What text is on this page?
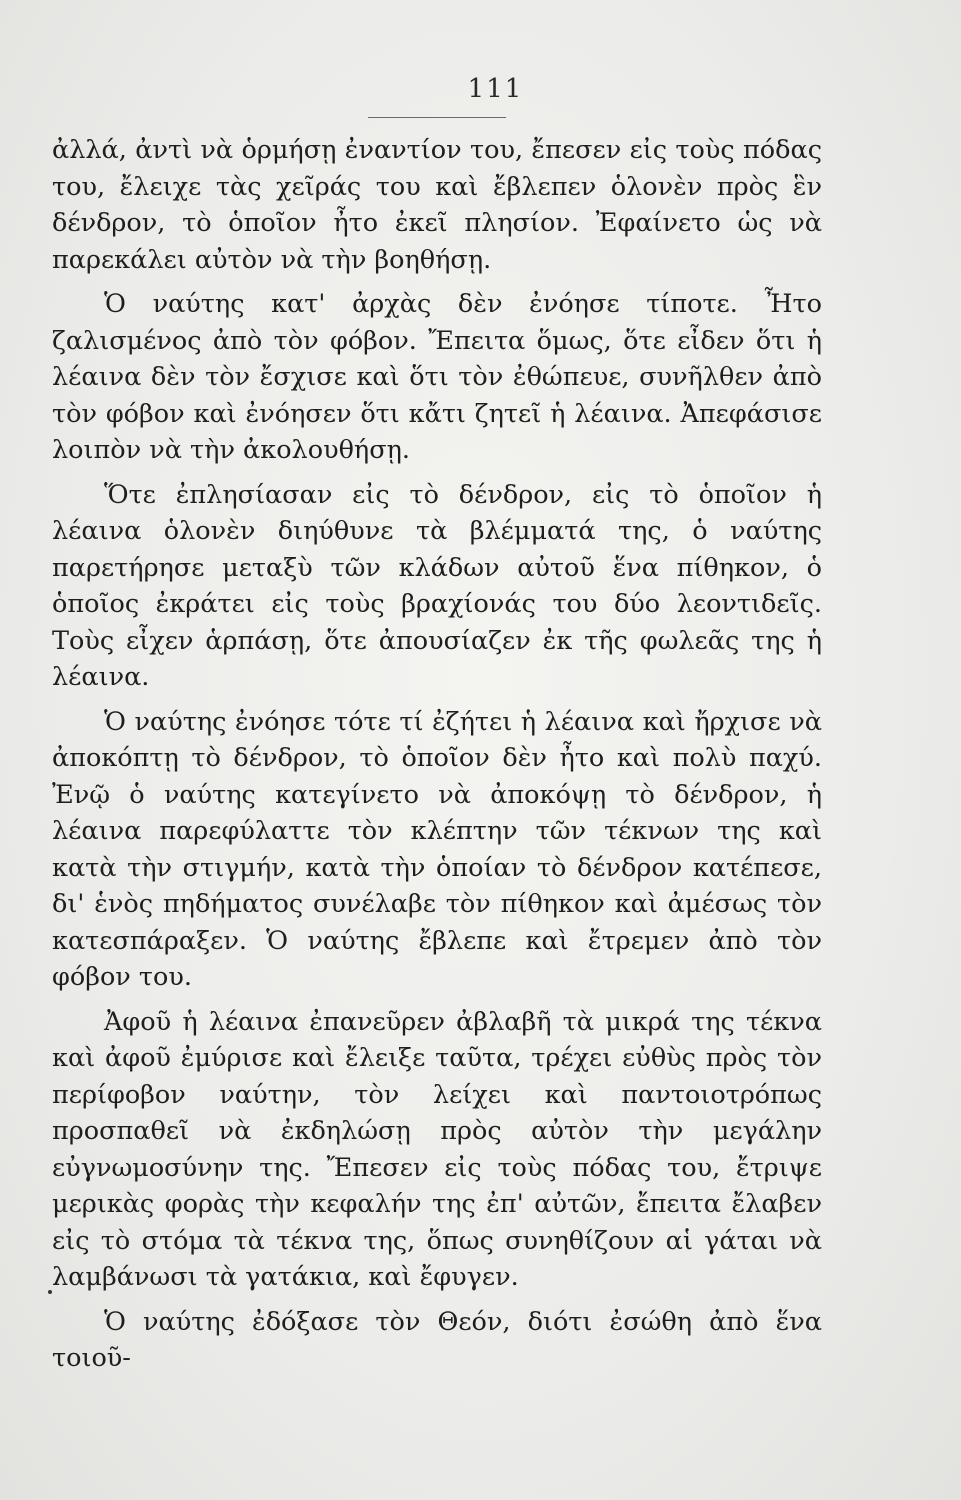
111

ἀλλά, ἀντὶ νὰ ὁρμήσῃ ἐναντίον του, ἔπεσεν εἰς τοὺς πόδας του, ἔλειχε τὰς χεῖράς του καὶ ἔβλεπεν ὁλονὲν πρὸς ἓν δένδρον, τὸ ὁποῖον ἦτο ἐκεῖ πλησίον. Ἐφαίνετο ὡς νὰ παρεκάλει αὐτὸν νὰ τὴν βοηθήσῃ.

Ὁ ναύτης κατ' ἀρχὰς δὲν ἐνόησε τίποτε. Ἦτο ζαλισμένος ἀπὸ τὸν φόβον. Ἔπειτα ὅμως, ὅτε εἶδεν ὅτι ἡ λέαινα δὲν τὸν ἔσχισε καὶ ὅτι τὸν ἐθώπευε, συνῆλθεν ἀπὸ τὸν φόβον καὶ ἐνόησεν ὅτι κἄτι ζητεῖ ἡ λέαινα. Ἀπεφάσισε λοιπὸν νὰ τὴν ἀκολουθήσῃ.

Ὅτε ἐπλησίασαν εἰς τὸ δένδρον, εἰς τὸ ὁποῖον ἡ λέαινα ὁλονὲν διηύθυνε τὰ βλέμματά της, ὁ ναύτης παρετήρησε μεταξὺ τῶν κλάδων αὐτοῦ ἕνα πίθηκον, ὁ ὁποῖος ἐκράτει εἰς τοὺς βραχίονάς του δύο λεοντιδεῖς. Τοὺς εἶχεν ἁρπάσῃ, ὅτε ἀπουσίαζεν ἐκ τῆς φωλεᾶς της ἡ λέαινα.

Ὁ ναύτης ἐνόησε τότε τί ἐζήτει ἡ λέαινα καὶ ἤρχισε νὰ ἀποκόπτῃ τὸ δένδρον, τὸ ὁποῖον δὲν ἦτο καὶ πολὺ παχύ. Ἐνῷ ὁ ναύτης κατεγίνετο νὰ ἀποκόψῃ τὸ δένδρον, ἡ λέαινα παρεφύλαττε τὸν κλέπτην τῶν τέκνων της καὶ κατὰ τὴν στιγμήν, κατὰ τὴν ὁποίαν τὸ δένδρον κατέπεσε, δι' ἑνὸς πηδήματος συνέλαβε τὸν πίθηκον καὶ ἀμέσως τὸν κατεσπάραξεν. Ὁ ναύτης ἔβλεπε καὶ ἔτρεμεν ἀπὸ τὸν φόβον του.

Ἀφοῦ ἡ λέαινα ἐπανεῦρεν ἀβλαβῆ τὰ μικρά της τέκνα καὶ ἀφοῦ ἐμύρισε καὶ ἔλειξε ταῦτα, τρέχει εὐθὺς πρὸς τὸν περίφοβον ναύτην, τὸν λείχει καὶ παντοιοτρόπως προσπαθεῖ νὰ ἐκδηλώσῃ πρὸς αὐτὸν τὴν μεγάλην εὐγνωμοσύνην της. Ἔπεσεν εἰς τοὺς πόδας του, ἔτριψε μερικὰς φορὰς τὴν κεφαλήν της ἐπ' αὐτῶν, ἔπειτα ἔλαβεν εἰς τὸ στόμα τὰ τέκνα της, ὅπως συνηθίζουν αἱ γάται νὰ λαμβάνωσι τὰ γατάκια, καὶ ἔφυγεν.

Ὁ ναύτης ἐδόξασε τὸν Θεόν, διότι ἐσώθη ἀπὸ ἕνα τοιοῦ-
